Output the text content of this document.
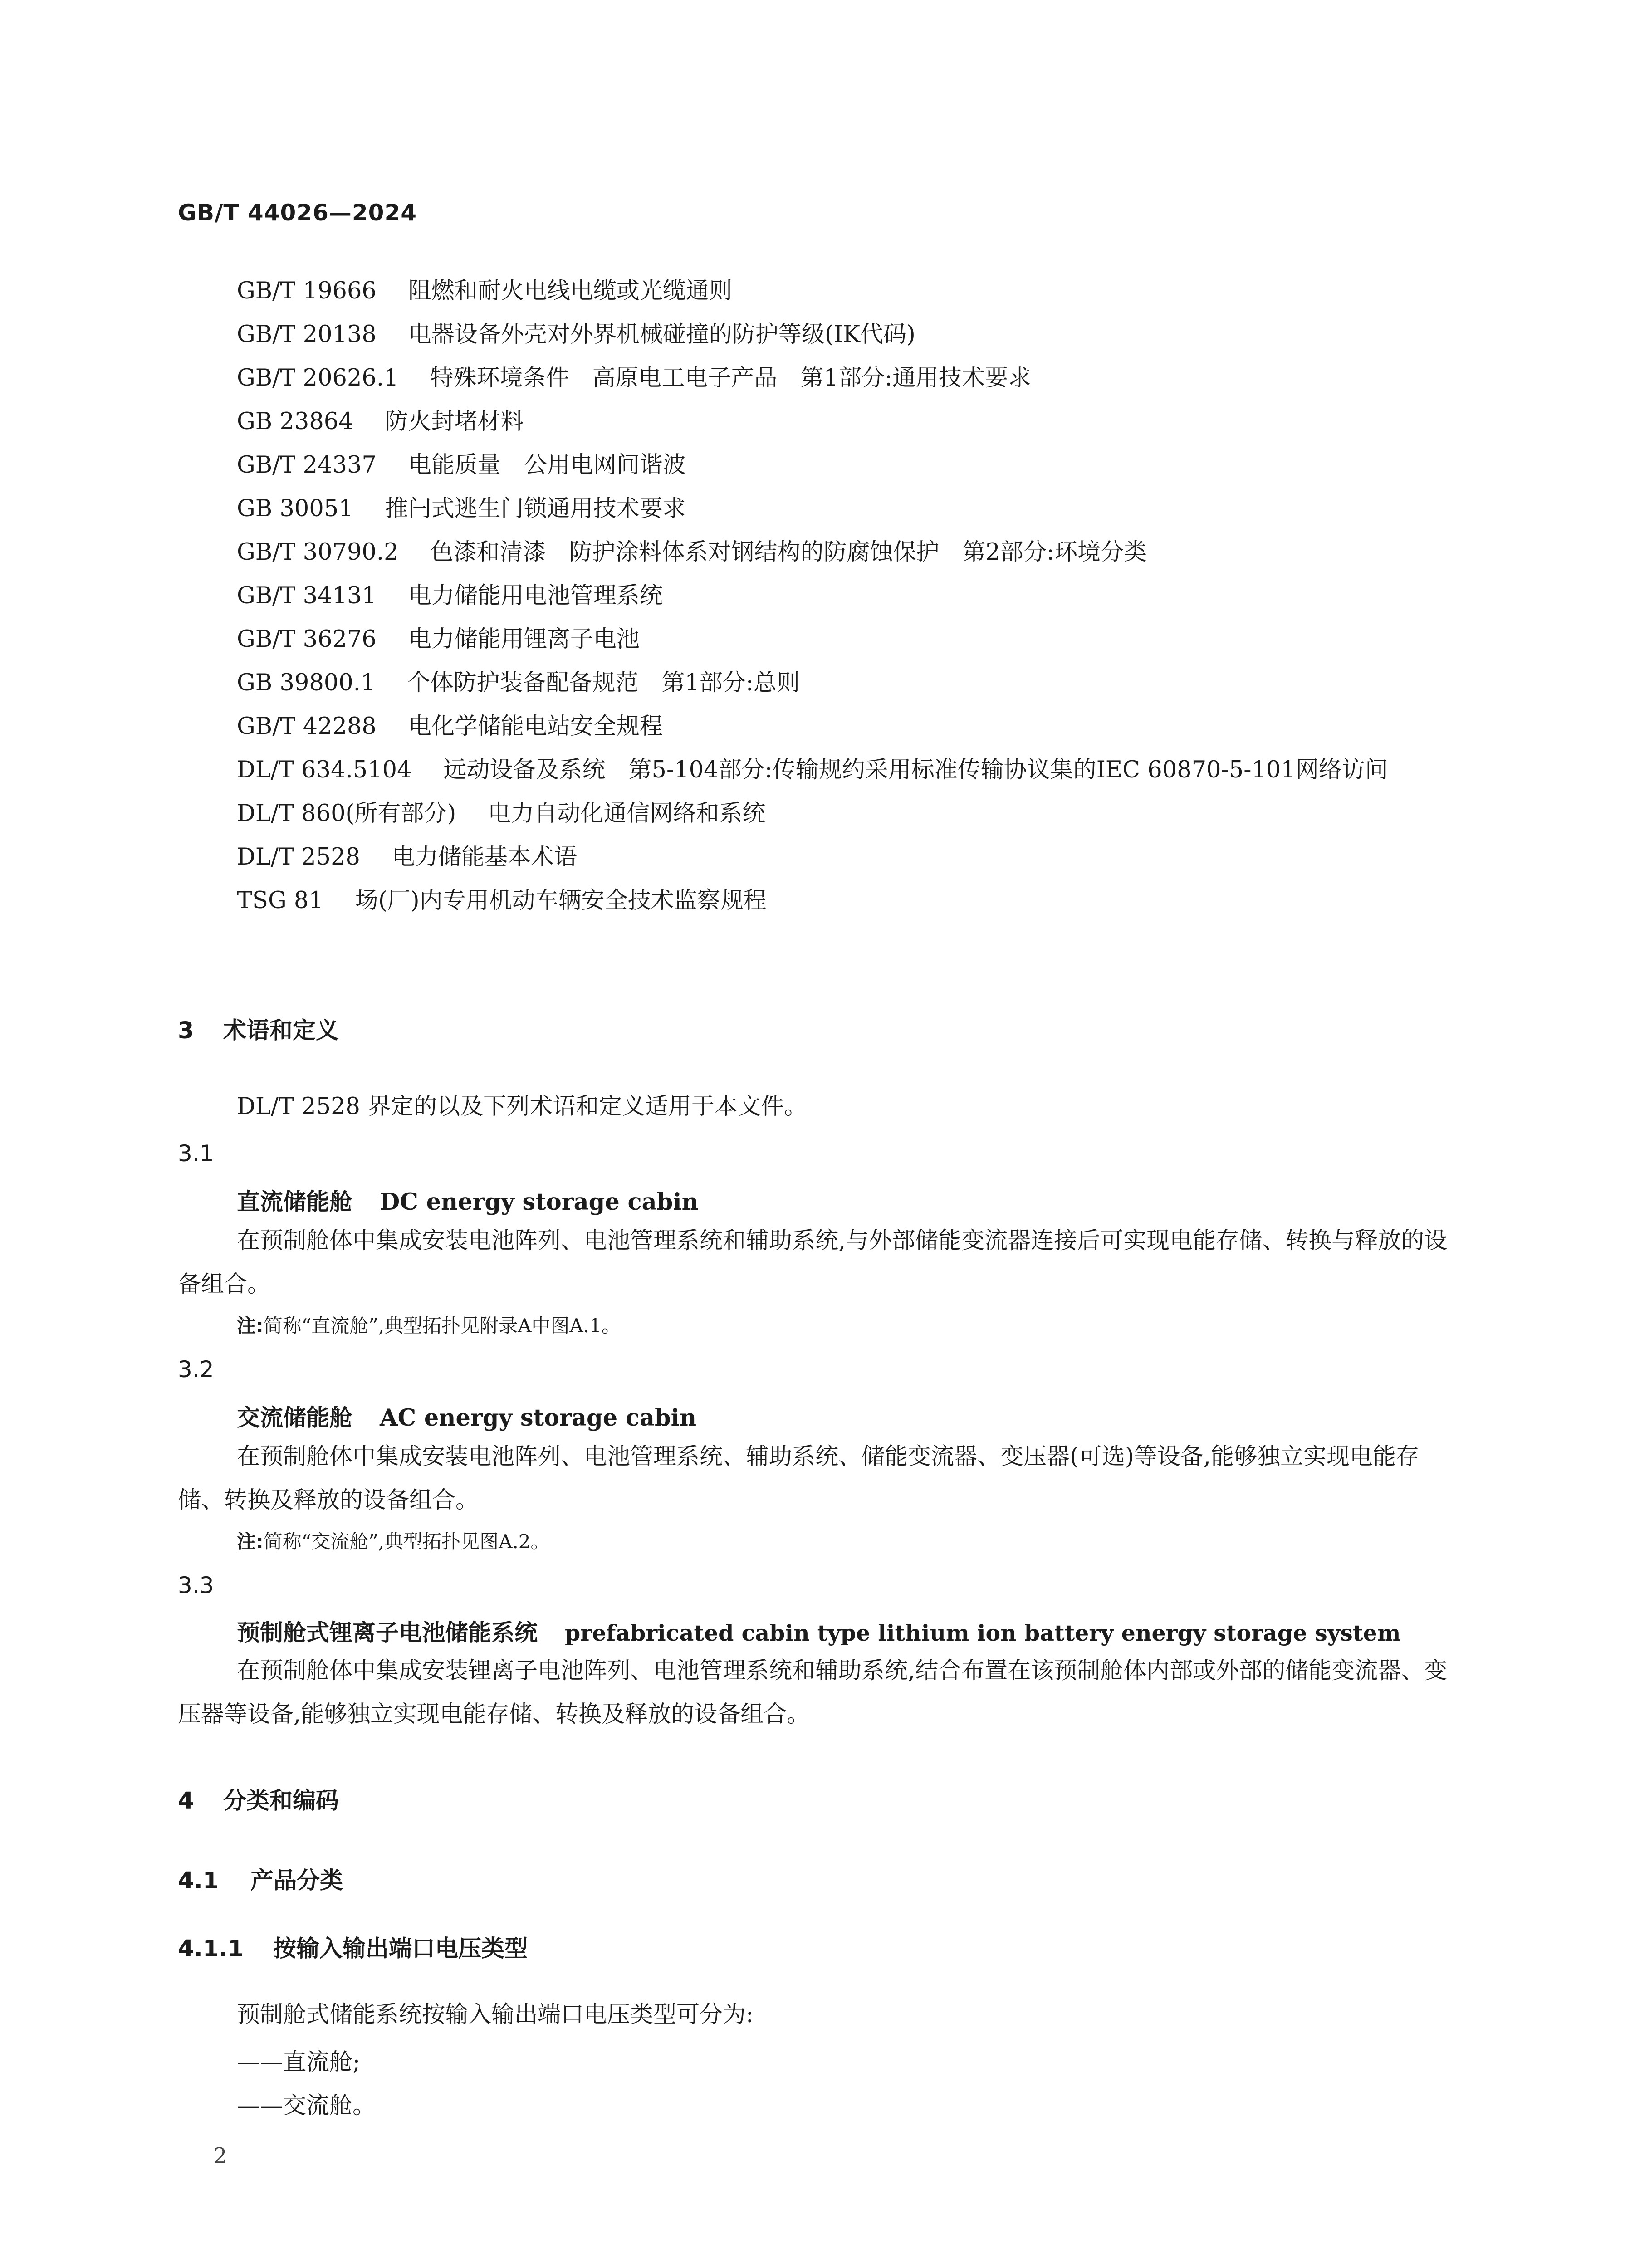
GB/T 44026—2024
GB/T 19666 阻燃和耐火电线电缆或光缆通则
GB/T 20138 电器设备外壳对外界机械碰撞的防护等级(IK代码)
GB/T 20626.1 特殊环境条件　高原电工电子产品　第1部分:通用技术要求
GB 23864 防火封堵材料
GB/T 24337 电能质量　公用电网间谐波
GB 30051 推闩式逃生门锁通用技术要求
GB/T 30790.2 色漆和清漆　防护涂料体系对钢结构的防腐蚀保护　第2部分:环境分类
GB/T 34131 电力储能用电池管理系统
GB/T 36276 电力储能用锂离子电池
GB 39800.1 个体防护装备配备规范　第1部分:总则
GB/T 42288 电化学储能电站安全规程
DL/T 634.5104 远动设备及系统　第5-104部分:传输规约采用标准传输协议集的IEC 60870-5-101网络访问
DL/T 860(所有部分) 电力自动化通信网络和系统
DL/T 2528 电力储能基本术语
TSG 81 场(厂)内专用机动车辆安全技术监察规程
3 术语和定义
DL/T 2528 界定的以及下列术语和定义适用于本文件。
3.1
直流储能舱 DC energy storage cabin
在预制舱体中集成安装电池阵列、电池管理系统和辅助系统,与外部储能变流器连接后可实现电能存储、转换与释放的设备组合。
注:简称“直流舱”,典型拓扑见附录A中图A.1。
3.2
交流储能舱 AC energy storage cabin
在预制舱体中集成安装电池阵列、电池管理系统、辅助系统、储能变流器、变压器(可选)等设备,能够独立实现电能存储、转换及释放的设备组合。
注:简称“交流舱”,典型拓扑见图A.2。
3.3
预制舱式锂离子电池储能系统 prefabricated cabin type lithium ion battery energy storage system
在预制舱体中集成安装锂离子电池阵列、电池管理系统和辅助系统,结合布置在该预制舱体内部或外部的储能变流器、变压器等设备,能够独立实现电能存储、转换及释放的设备组合。
4 分类和编码
4.1 产品分类
4.1.1 按输入输出端口电压类型
预制舱式储能系统按输入输出端口电压类型可分为:
——直流舱;
——交流舱。
2
